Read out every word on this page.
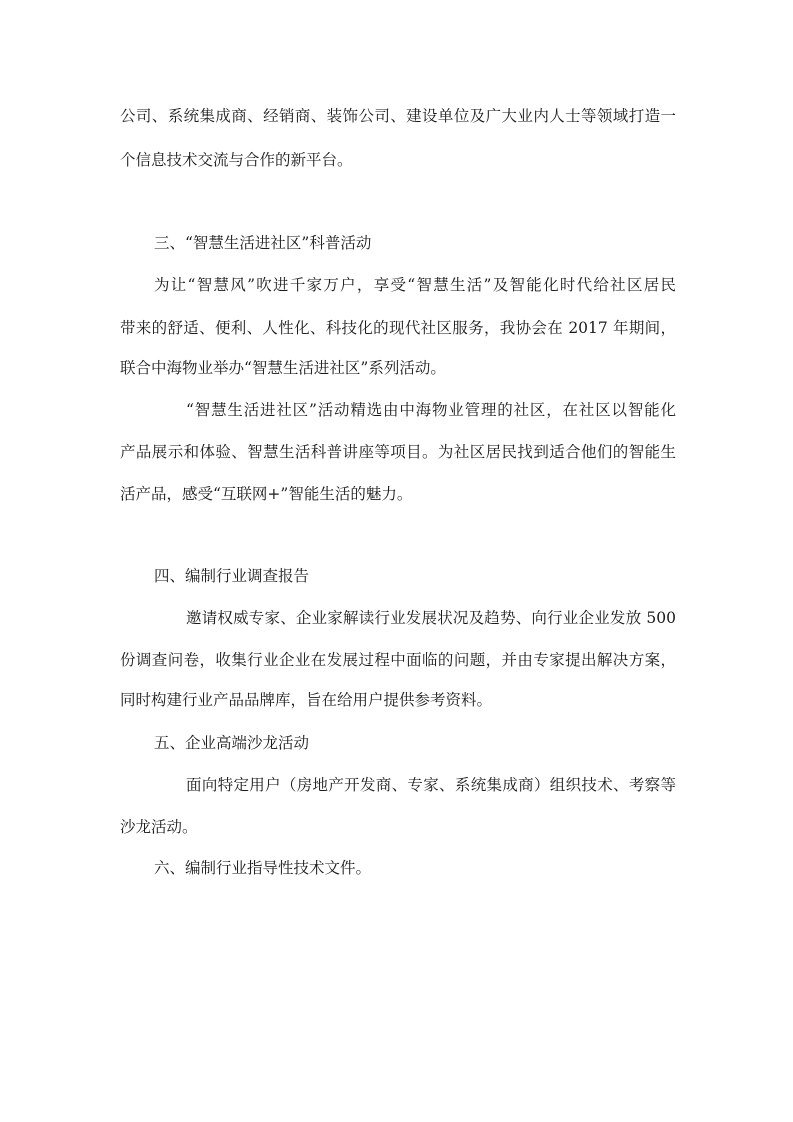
公司、系统集成商、经销商、装饰公司、建设单位及广大业内人士等领域打造一
个信息技术交流与合作的新平台。
三、“智慧生活进社区”科普活动
为让“智慧风”吹进千家万户，享受“智慧生活”及智能化时代给社区居民
带来的舒适、便利、人性化、科技化的现代社区服务，我协会在 2017 年期间，
联合中海物业举办“智慧生活进社区”系列活动。
“智慧生活进社区”活动精选由中海物业管理的社区，在社区以智能化
产品展示和体验、智慧生活科普讲座等项目。为社区居民找到适合他们的智能生
活产品，感受“互联网+”智能生活的魅力。
四、编制行业调查报告
邀请权威专家、企业家解读行业发展状况及趋势、向行业企业发放 500
份调查问卷，收集行业企业在发展过程中面临的问题，并由专家提出解决方案，
同时构建行业产品品牌库，旨在给用户提供参考资料。
五、企业高端沙龙活动
面向特定用户（房地产开发商、专家、系统集成商）组织技术、考察等
沙龙活动。
六、编制行业指导性技术文件。
